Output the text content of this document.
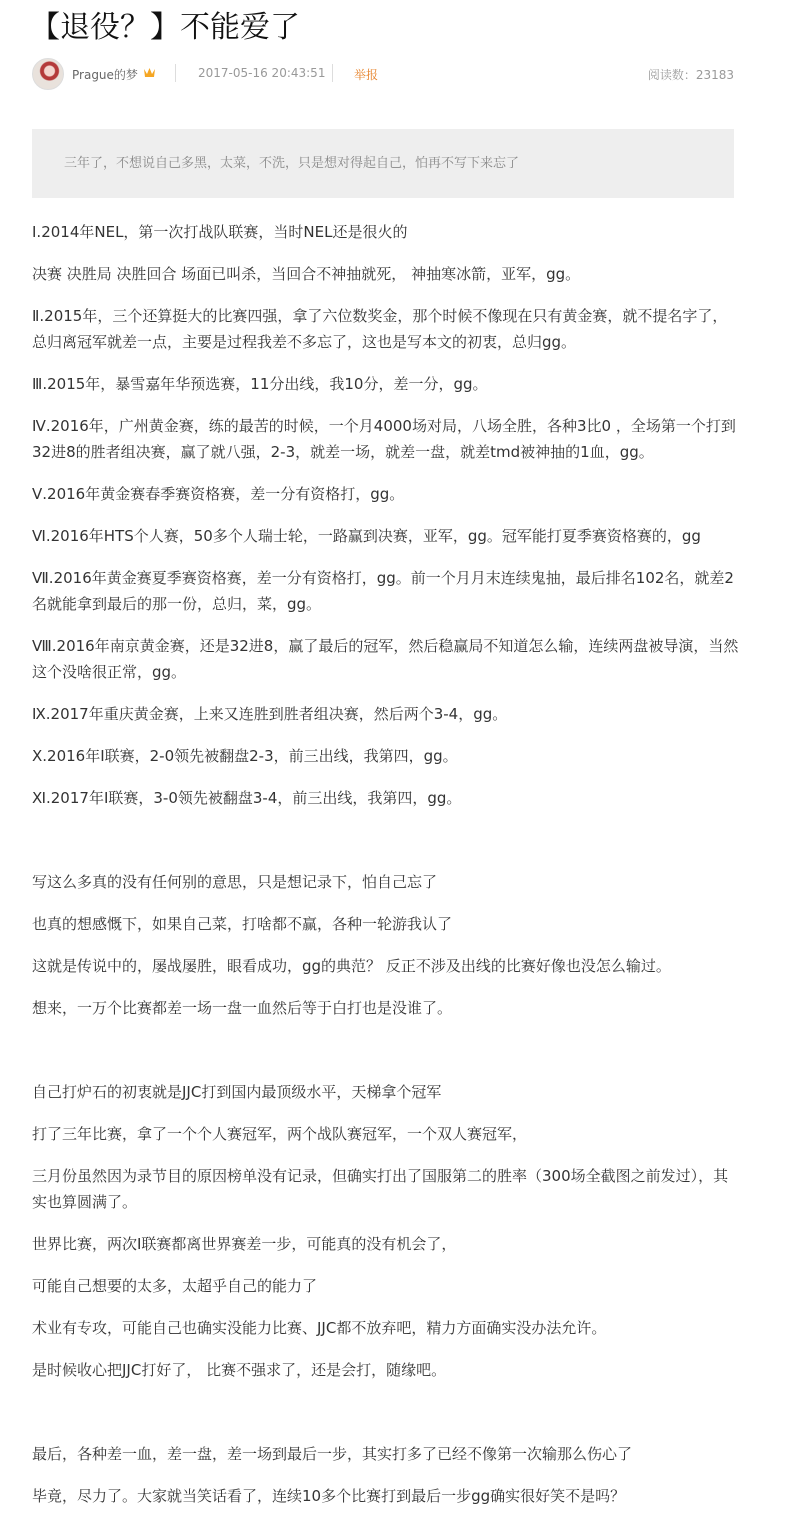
【退役？】不能爱了
Prague的梦	2017-05-16 20:43:51 举报	阅读数：23183
三年了，不想说自己多黑，太菜，不洗，只是想对得起自己，怕再不写下来忘了

Ⅰ.2014年NEL，第一次打战队联赛，当时NEL还是很火的

决赛 决胜局 决胜回合 场面已叫杀，当回合不神抽就死， 神抽寒冰箭，亚军，gg。

Ⅱ.2015年，三个还算挺大的比赛四强，拿了六位数奖金，那个时候不像现在只有黄金赛，就不提名字了，总归离冠军就差一点，主要是过程我差不多忘了，这也是写本文的初衷，总归gg。

Ⅲ.2015年，暴雪嘉年华预选赛，11分出线，我10分，差一分，gg。

Ⅳ.2016年，广州黄金赛，练的最苦的时候，一个月4000场对局，八场全胜，各种3比0 ，全场第一个打到32进8的胜者组决赛，赢了就八强，2-3，就差一场，就差一盘，就差tmd被神抽的1血，gg。

Ⅴ.2016年黄金赛春季赛资格赛，差一分有资格打，gg。

Ⅵ.2016年HTS个人赛，50多个人瑞士轮，一路赢到决赛，亚军，gg。冠军能打夏季赛资格赛的，gg

Ⅶ.2016年黄金赛夏季赛资格赛，差一分有资格打，gg。前一个月月末连续鬼抽，最后排名102名，就差2名就能拿到最后的那一份，总归，菜，gg。

Ⅷ.2016年南京黄金赛，还是32进8，赢了最后的冠军，然后稳赢局不知道怎么输，连续两盘被导演，当然这个没啥很正常，gg。

Ⅸ.2017年重庆黄金赛，上来又连胜到胜者组决赛，然后两个3-4，gg。

Ⅹ.2016年I联赛，2-0领先被翻盘2-3，前三出线，我第四，gg。

Ⅺ.2017年I联赛，3-0领先被翻盘3-4，前三出线，我第四，gg。

写这么多真的没有任何别的意思，只是想记录下，怕自己忘了

也真的想感慨下，如果自己菜，打啥都不赢，各种一轮游我认了

这就是传说中的，屡战屡胜，眼看成功，gg的典范？ 反正不涉及出线的比赛好像也没怎么输过。

想来，一万个比赛都差一场一盘一血然后等于白打也是没谁了。

自己打炉石的初衷就是JJC打到国内最顶级水平，天梯拿个冠军

打了三年比赛，拿了一个个人赛冠军，两个战队赛冠军，一个双人赛冠军，

三月份虽然因为录节目的原因榜单没有记录，但确实打出了国服第二的胜率（300场全截图之前发过），其实也算圆满了。

世界比赛，两次I联赛都离世界赛差一步，可能真的没有机会了，

可能自己想要的太多，太超乎自己的能力了

术业有专攻，可能自己也确实没能力比赛、JJC都不放弃吧，精力方面确实没办法允许。

是时候收心把JJC打好了， 比赛不强求了，还是会打，随缘吧。

最后，各种差一血，差一盘，差一场到最后一步，其实打多了已经不像第一次输那么伤心了

毕竟，尽力了。大家就当笑话看了，连续10多个比赛打到最后一步gg确实很好笑不是吗？
